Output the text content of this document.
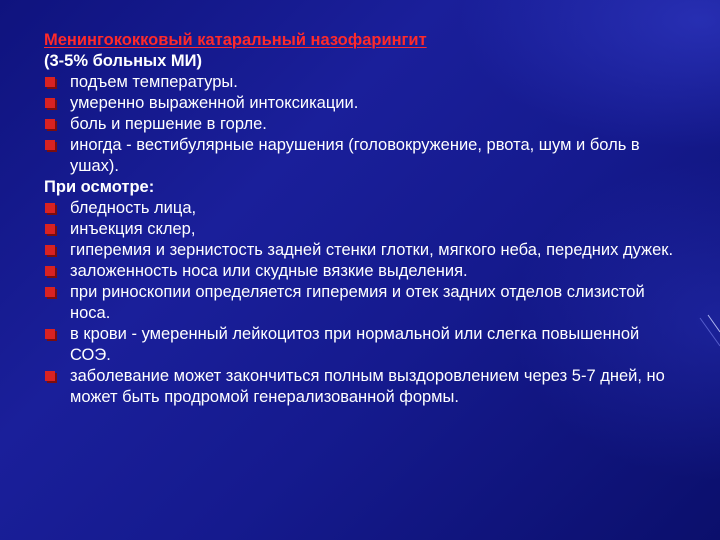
Менингококковый катаральный назофарингит
(3-5% больных МИ)
подъем температуры.
умеренно выраженной интоксикации.
боль и першение в горле.
иногда - вестибулярные нарушения (головокружение, рвота, шум и боль в ушах).
При осмотре:
бледность лица,
инъекция склер,
гиперемия и зернистость задней стенки глотки, мягкого неба, передних дужек.
заложенность носа или скудные вязкие выделения.
при риноскопии определяется гиперемия и отек задних отделов слизистой носа.
в крови - умеренный лейкоцитоз при нормальной или слегка повышенной СОЭ.
заболевание может закончиться полным выздоровлением через 5-7 дней, но может быть продромой генерализованной формы.
